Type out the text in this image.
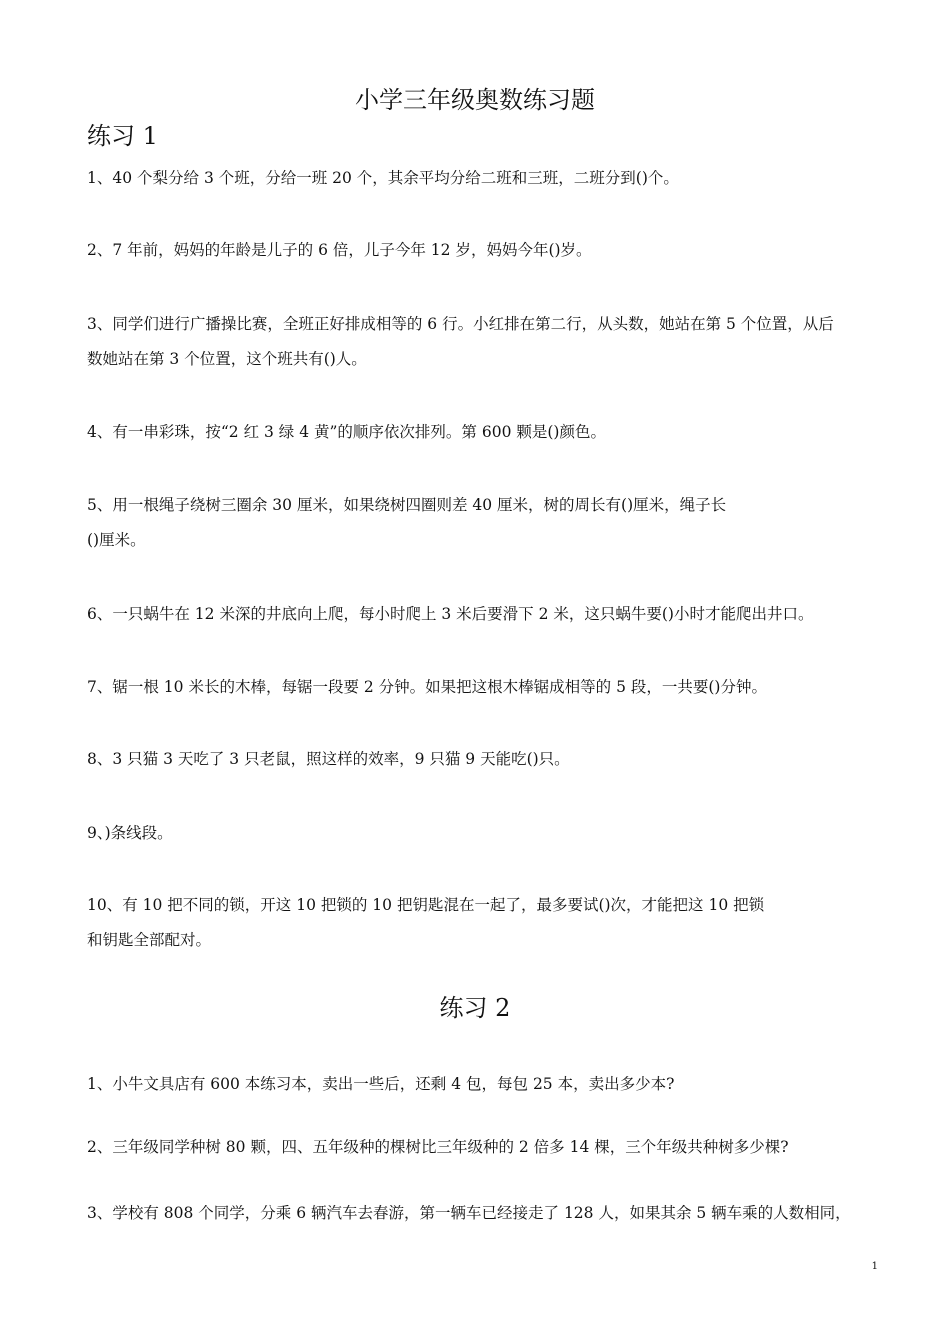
小学三年级奥数练习题
练习 1
1、40 个梨分给 3 个班，分给一班 20 个，其余平均分给二班和三班，二班分到()个。
2、7 年前，妈妈的年龄是儿子的 6 倍，儿子今年 12 岁，妈妈今年()岁。
3、同学们进行广播操比赛，全班正好排成相等的 6 行。小红排在第二行，从头数，她站在第 5 个位置，从后
数她站在第 3 个位置，这个班共有()人。
4、有一串彩珠，按“2 红 3 绿 4 黄”的顺序依次排列。第 600 颗是()颜色。
5、用一根绳子绕树三圈余 30 厘米，如果绕树四圈则差 40 厘米，树的周长有()厘米，绳子长
()厘米。
6、一只蜗牛在 12 米深的井底向上爬，每小时爬上 3 米后要滑下 2 米，这只蜗牛要()小时才能爬出井口。
7、锯一根 10 米长的木棒，每锯一段要 2 分钟。如果把这根木棒锯成相等的 5 段，一共要()分钟。
8、3 只猫 3 天吃了 3 只老鼠，照这样的效率，9 只猫 9 天能吃()只。
9、)条线段。
10、有 10 把不同的锁，开这 10 把锁的 10 把钥匙混在一起了，最多要试()次，才能把这 10 把锁
和钥匙全部配对。
练习 2
1、小牛文具店有 600 本练习本，卖出一些后，还剩 4 包，每包 25 本，卖出多少本?
2、三年级同学种树 80 颗，四、五年级种的棵树比三年级种的 2 倍多 14 棵，三个年级共种树多少棵?
3、学校有 808 个同学，分乘 6 辆汽车去春游，第一辆车已经接走了 128 人，如果其余 5 辆车乘的人数相同，
1
